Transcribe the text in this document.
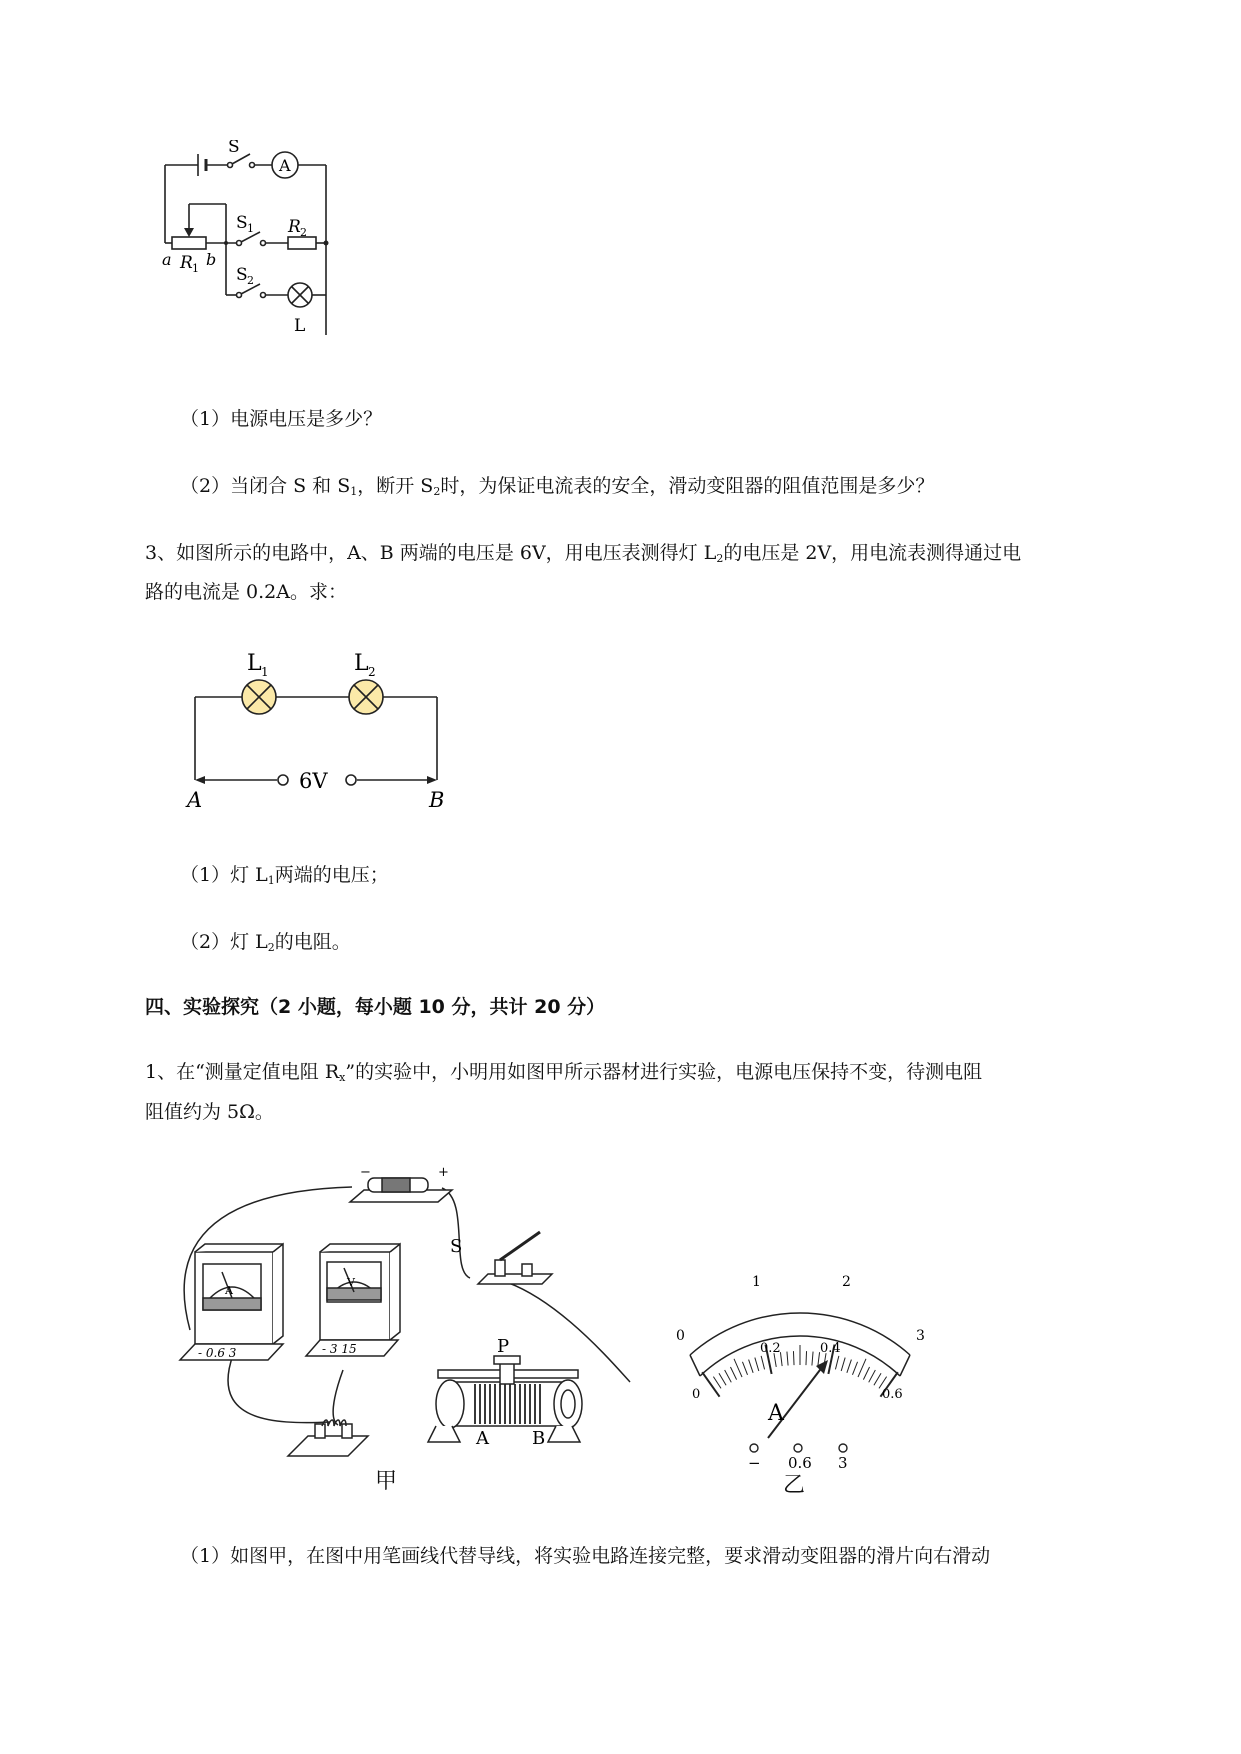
S
A
S 1 R 2
a R 1 b
S 2
L
（1）电源电压是多少？
（2）当闭合 S 和 $S_1$，断开 $S_2$时，为保证电流表的安全，滑动变阻器的阻值范围是多少？
3、如图所示的电路中，A、B 两端的电压是 6V，用电压表测得灯 $L_2$的电压是 2V，用电流表测得通过电
路的电流是 0.2A。求：
L 1	L 2
6V
A	B
（1）灯 $L_1$两端的电压；
（2）灯 $L_2$的电阻。
四、实验探究（2 小题，每小题 10 分，共计 20 分）
1、在“测量定值电阻 $R_x$”的实验中，小明用如图甲所示器材进行实验，电源电压保持不变，待测电阻
阻值约为 5Ω。
−	+
S
A
- 0.6 3
V
- 3 15	P
A B
甲
0
1	2
3
0
0.2	0.4
0.6
A
− 0.6 3
乙
（1）如图甲，在图中用笔画线代替导线，将实验电路连接完整，要求滑动变阻器的滑片向右滑动
